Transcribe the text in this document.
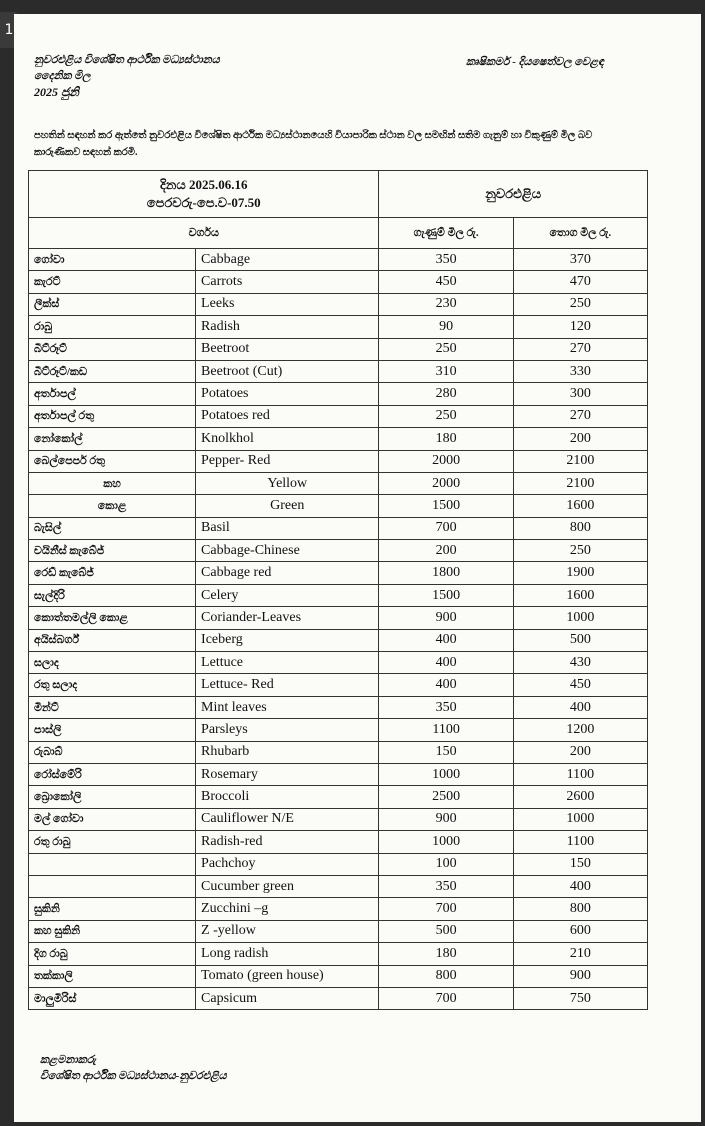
1
නුවරඑළිය විශේෂිත ආර්ථික මධ්‍යස්ථානය
දෛනික මිල
2025 ජුනි
කෘෂිකර්ම - දියෂෙත්වල වෙළඳ
පහතින් සඳහන් කර ඇත්තේ නුවරඑළිය විශේෂිත ආර්ථික මධ්‍යස්ථානයෙහි වියාපාරික ස්ථාන වල සමඟින් සතිම ගැනුම් හා විකුණුම් මිල බව කාරුණිකව සඳහන් කරමි.
දිනය 2025.06.16
පෙරවරු-පෙ.ව-07.50		නුවරඑළිය	
වර්ගය		ගැණුම් මිල රු.	තොග මිල රු.
ගෝවා	Cabbage	350	370
කැරට්	Carrots	450	470
ලීක්ස්	Leeks	230	250
රාබු	Radish	90	120
බීට්රූට්	Beetroot	250	270
බීට්රූට්/කඩ	Beetroot (Cut)	310	330
අර්තාපල්	Potatoes	280	300
අර්තාපල් රතු	Potatoes red	250	270
නෝකෝල්	Knolkhol	180	200
බෙල්පෙපර් රතු	Pepper- Red	2000	2100
කහ	Yellow	2000	2100
කොළ	Green	1500	1600
බැසිල්	Basil	700	800
චයිනීස් කැබේජ්	Cabbage-Chinese	200	250
රෙඩ් කැබේජ්	Cabbage red	1800	1900
සැල්දිරි	Celery	1500	1600
කොත්තමල්ලි කොළ	Coriander-Leaves	900	1000
අයිස්බර්ග්	Iceberg	400	500
සලාද	Lettuce	400	430
රතු සලාද	Lettuce- Red	400	450
මින්ට්	Mint leaves	350	400
පාස්ලි	Parsleys	1100	1200
රුබාබ්	Rhubarb	150	200
රෝස්මේරි	Rosemary	1000	1100
බ්‍රොකෝලි	Broccoli	2500	2600
මල් ගෝවා	Cauliflower N/E	900	1000
රතු රාබු	Radish-red	1000	1100
	Pachchoy	100	150
	Cucumber green	350	400
සුකිනි	Zucchini –g	700	800
කහ සුකිනි	Z -yellow	500	600
දිග රාබු	Long radish	180	210
තක්කාලි	Tomato (green house)	800	900
මාලුමිරිස්	Capsicum	700	750
කළමනාකරු
විශේෂිත ආර්ථික මධ්‍යස්ථානය-නුවරඑළිය
